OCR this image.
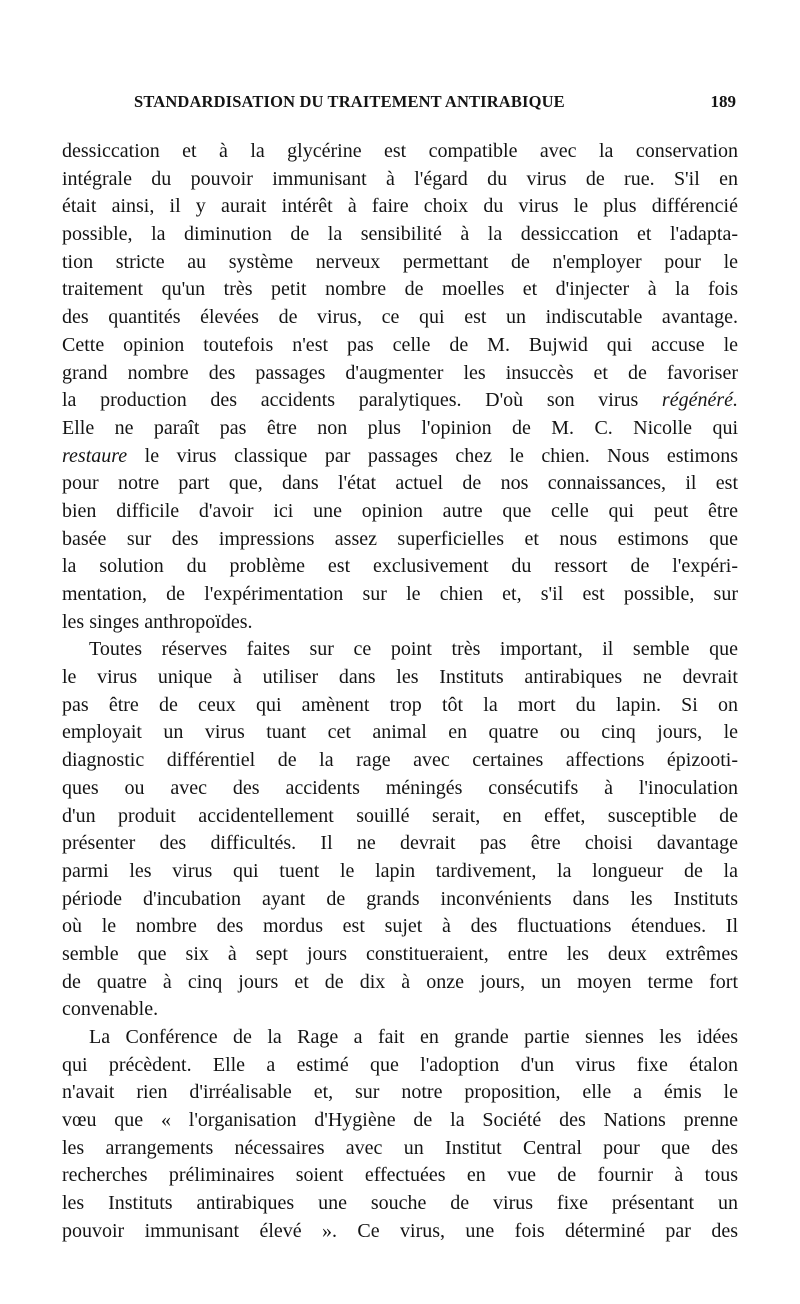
STANDARDISATION DU TRAITEMENT ANTIRABIQUE	189
dessiccation et à la glycérine est compatible avec la conservation
intégrale du pouvoir immunisant à l'égard du virus de rue. S'il en
était ainsi, il y aurait intérêt à faire choix du virus le plus différencié
possible, la diminution de la sensibilité à la dessiccation et l'adapta-
tion stricte au système nerveux permettant de n'employer pour le
traitement qu'un très petit nombre de moelles et d'injecter à la fois
des quantités élevées de virus, ce qui est un indiscutable avantage.
Cette opinion toutefois n'est pas celle de M. Bujwid qui accuse le
grand nombre des passages d'augmenter les insuccès et de favoriser
la production des accidents paralytiques. D'où son virus régénéré.
Elle ne paraît pas être non plus l'opinion de M. C. Nicolle qui
restaure le virus classique par passages chez le chien. Nous estimons
pour notre part que, dans l'état actuel de nos connaissances, il est
bien difficile d'avoir ici une opinion autre que celle qui peut être
basée sur des impressions assez superficielles et nous estimons que
la solution du problème est exclusivement du ressort de l'expéri-
mentation, de l'expérimentation sur le chien et, s'il est possible, sur
les singes anthropoïdes.
Toutes réserves faites sur ce point très important, il semble que
le virus unique à utiliser dans les Instituts antirabiques ne devrait
pas être de ceux qui amènent trop tôt la mort du lapin. Si on
employait un virus tuant cet animal en quatre ou cinq jours, le
diagnostic différentiel de la rage avec certaines affections épizooti-
ques ou avec des accidents méningés consécutifs à l'inoculation
d'un produit accidentellement souillé serait, en effet, susceptible de
présenter des difficultés. Il ne devrait pas être choisi davantage
parmi les virus qui tuent le lapin tardivement, la longueur de la
période d'incubation ayant de grands inconvénients dans les Instituts
où le nombre des mordus est sujet à des fluctuations étendues. Il
semble que six à sept jours constitueraient, entre les deux extrêmes
de quatre à cinq jours et de dix à onze jours, un moyen terme fort
convenable.
La Conférence de la Rage a fait en grande partie siennes les idées
qui précèdent. Elle a estimé que l'adoption d'un virus fixe étalon
n'avait rien d'irréalisable et, sur notre proposition, elle a émis le
vœu que « l'organisation d'Hygiène de la Société des Nations prenne
les arrangements nécessaires avec un Institut Central pour que des
recherches préliminaires soient effectuées en vue de fournir à tous
les Instituts antirabiques une souche de virus fixe présentant un
pouvoir immunisant élevé ». Ce virus, une fois déterminé par des
